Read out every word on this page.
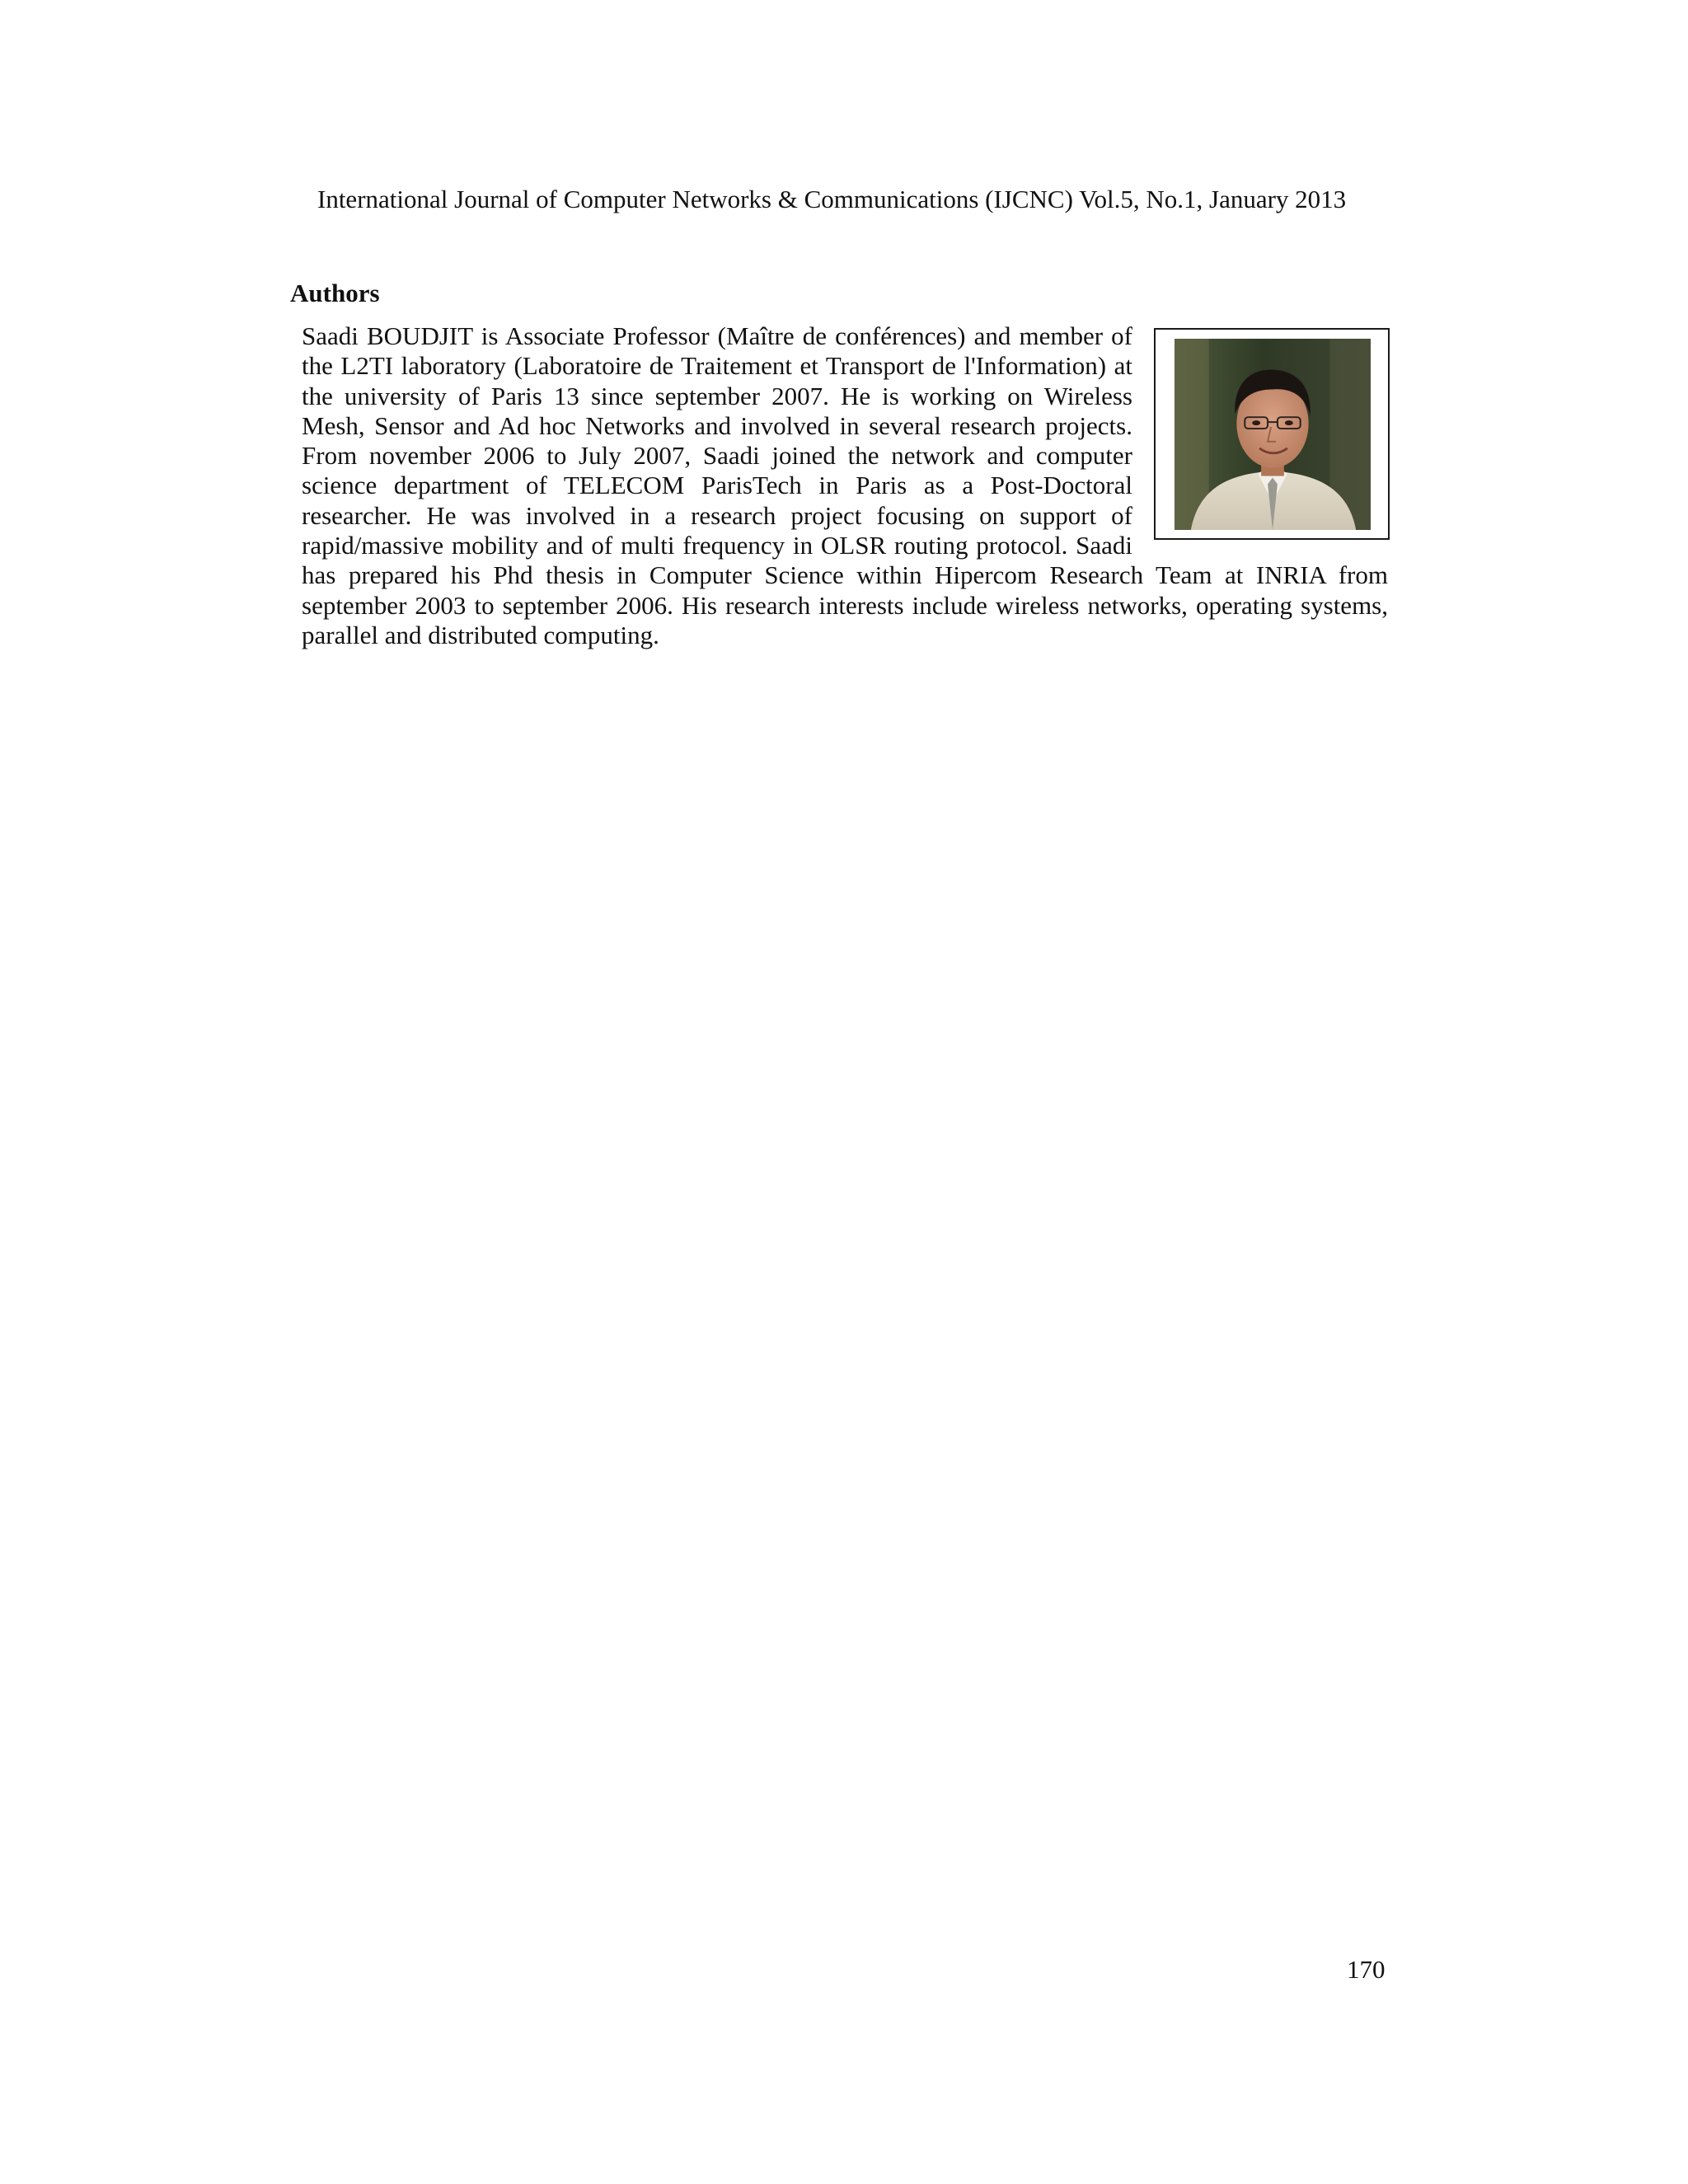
International Journal of Computer Networks & Communications (IJCNC) Vol.5, No.1, January 2013
Authors
Saadi BOUDJIT is Associate Professor (Maître de conférences) and member of the L2TI laboratory (Laboratoire de Traitement et Transport de l'Information) at the university of Paris 13 since september 2007. He is working on Wireless Mesh, Sensor and Ad hoc Networks and involved in several research projects. From november 2006 to July 2007, Saadi joined the network and computer science department of TELECOM ParisTech in Paris as a Post-Doctoral researcher. He was involved in a research project focusing on support of rapid/massive mobility and of multi frequency in OLSR routing protocol. Saadi has prepared his Phd thesis in Computer Science within Hipercom Research Team at INRIA from september 2003 to september 2006. His research interests include wireless networks, operating systems, parallel and distributed computing.
170
